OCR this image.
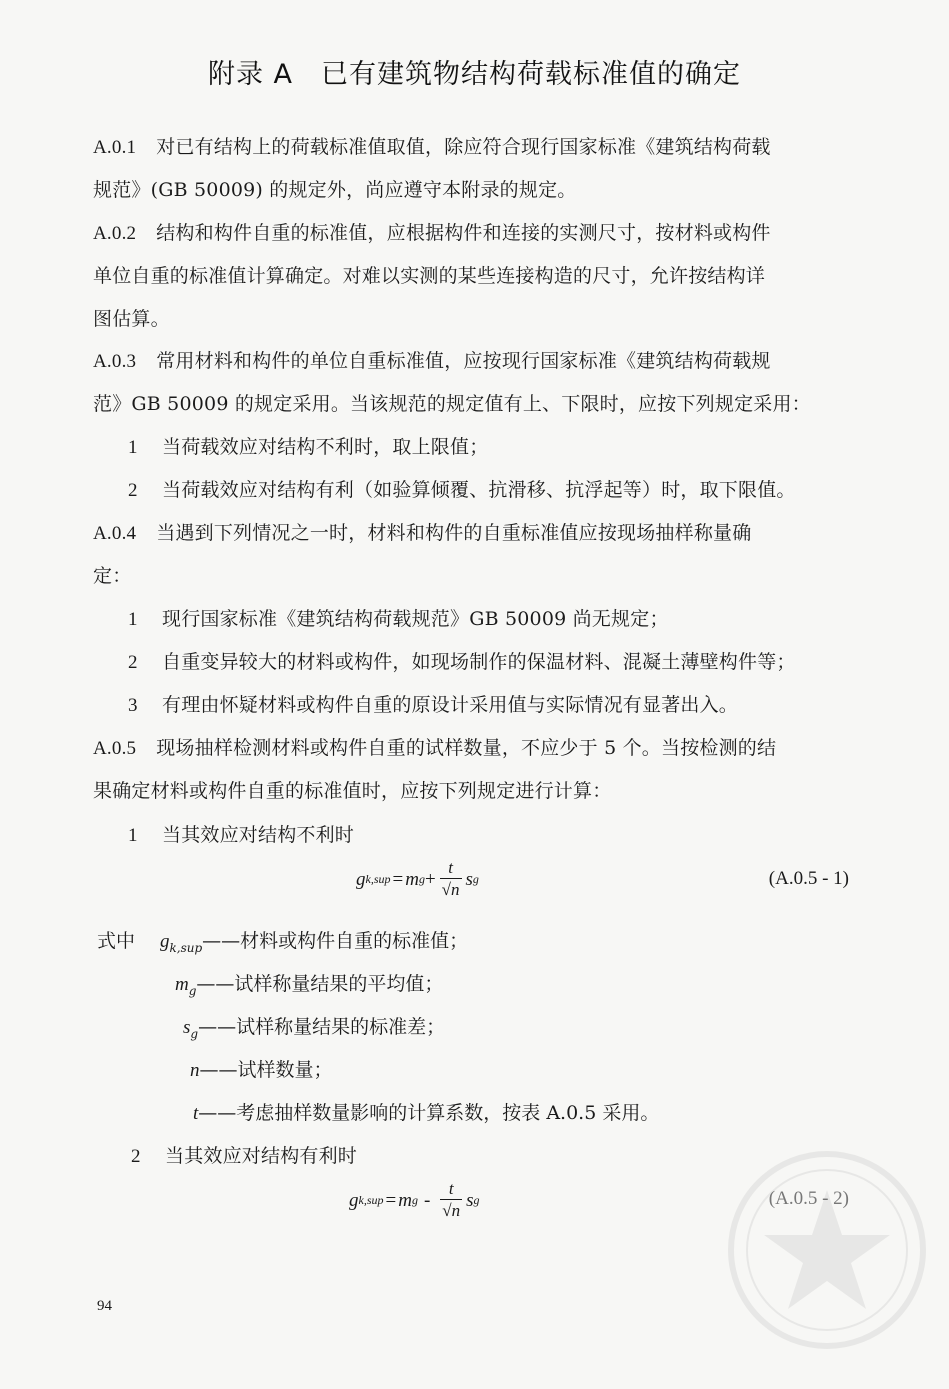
附录 A 已有建筑物结构荷载标准值的确定
A.0.1 对已有结构上的荷载标准值取值，除应符合现行国家标准《建筑结构荷载
规范》(GB 50009) 的规定外，尚应遵守本附录的规定。
A.0.2 结构和构件自重的标准值，应根据构件和连接的实测尺寸，按材料或构件
单位自重的标准值计算确定。对难以实测的某些连接构造的尺寸，允许按结构详
图估算。
A.0.3 常用材料和构件的单位自重标准值，应按现行国家标准《建筑结构荷载规
范》GB 50009 的规定采用。当该规范的规定值有上、下限时，应按下列规定采用：
1 当荷载效应对结构不利时，取上限值；
2 当荷载效应对结构有利（如验算倾覆、抗滑移、抗浮起等）时，取下限值。
A.0.4 当遇到下列情况之一时，材料和构件的自重标准值应按现场抽样称量确
定：
1 现行国家标准《建筑结构荷载规范》GB 50009 尚无规定；
2 自重变异较大的材料或构件，如现场制作的保温材料、混凝土薄壁构件等；
3 有理由怀疑材料或构件自重的原设计采用值与实际情况有显著出入。
A.0.5 现场抽样检测材料或构件自重的试样数量，不应少于 5 个。当按检测的结
果确定材料或构件自重的标准值时，应按下列规定进行计算：
1 当其效应对结构不利时
g k,sup = m $g + \frac{t}{√n}$ s g	(A.0.5 - 1)
式中 $g_{k,sup}——$材料或构件自重的标准值；
$m_g——$试样称量结果的平均值；
$s_g——$试样称量结果的标准差；
n——试样数量；
t——考虑抽样数量影响的计算系数，按表 A.0.5 采用。
2 当其效应对结构有利时
g k,sup = m g - $\frac{t}{√n}$ s g	(A.0.5 - 2)
94
